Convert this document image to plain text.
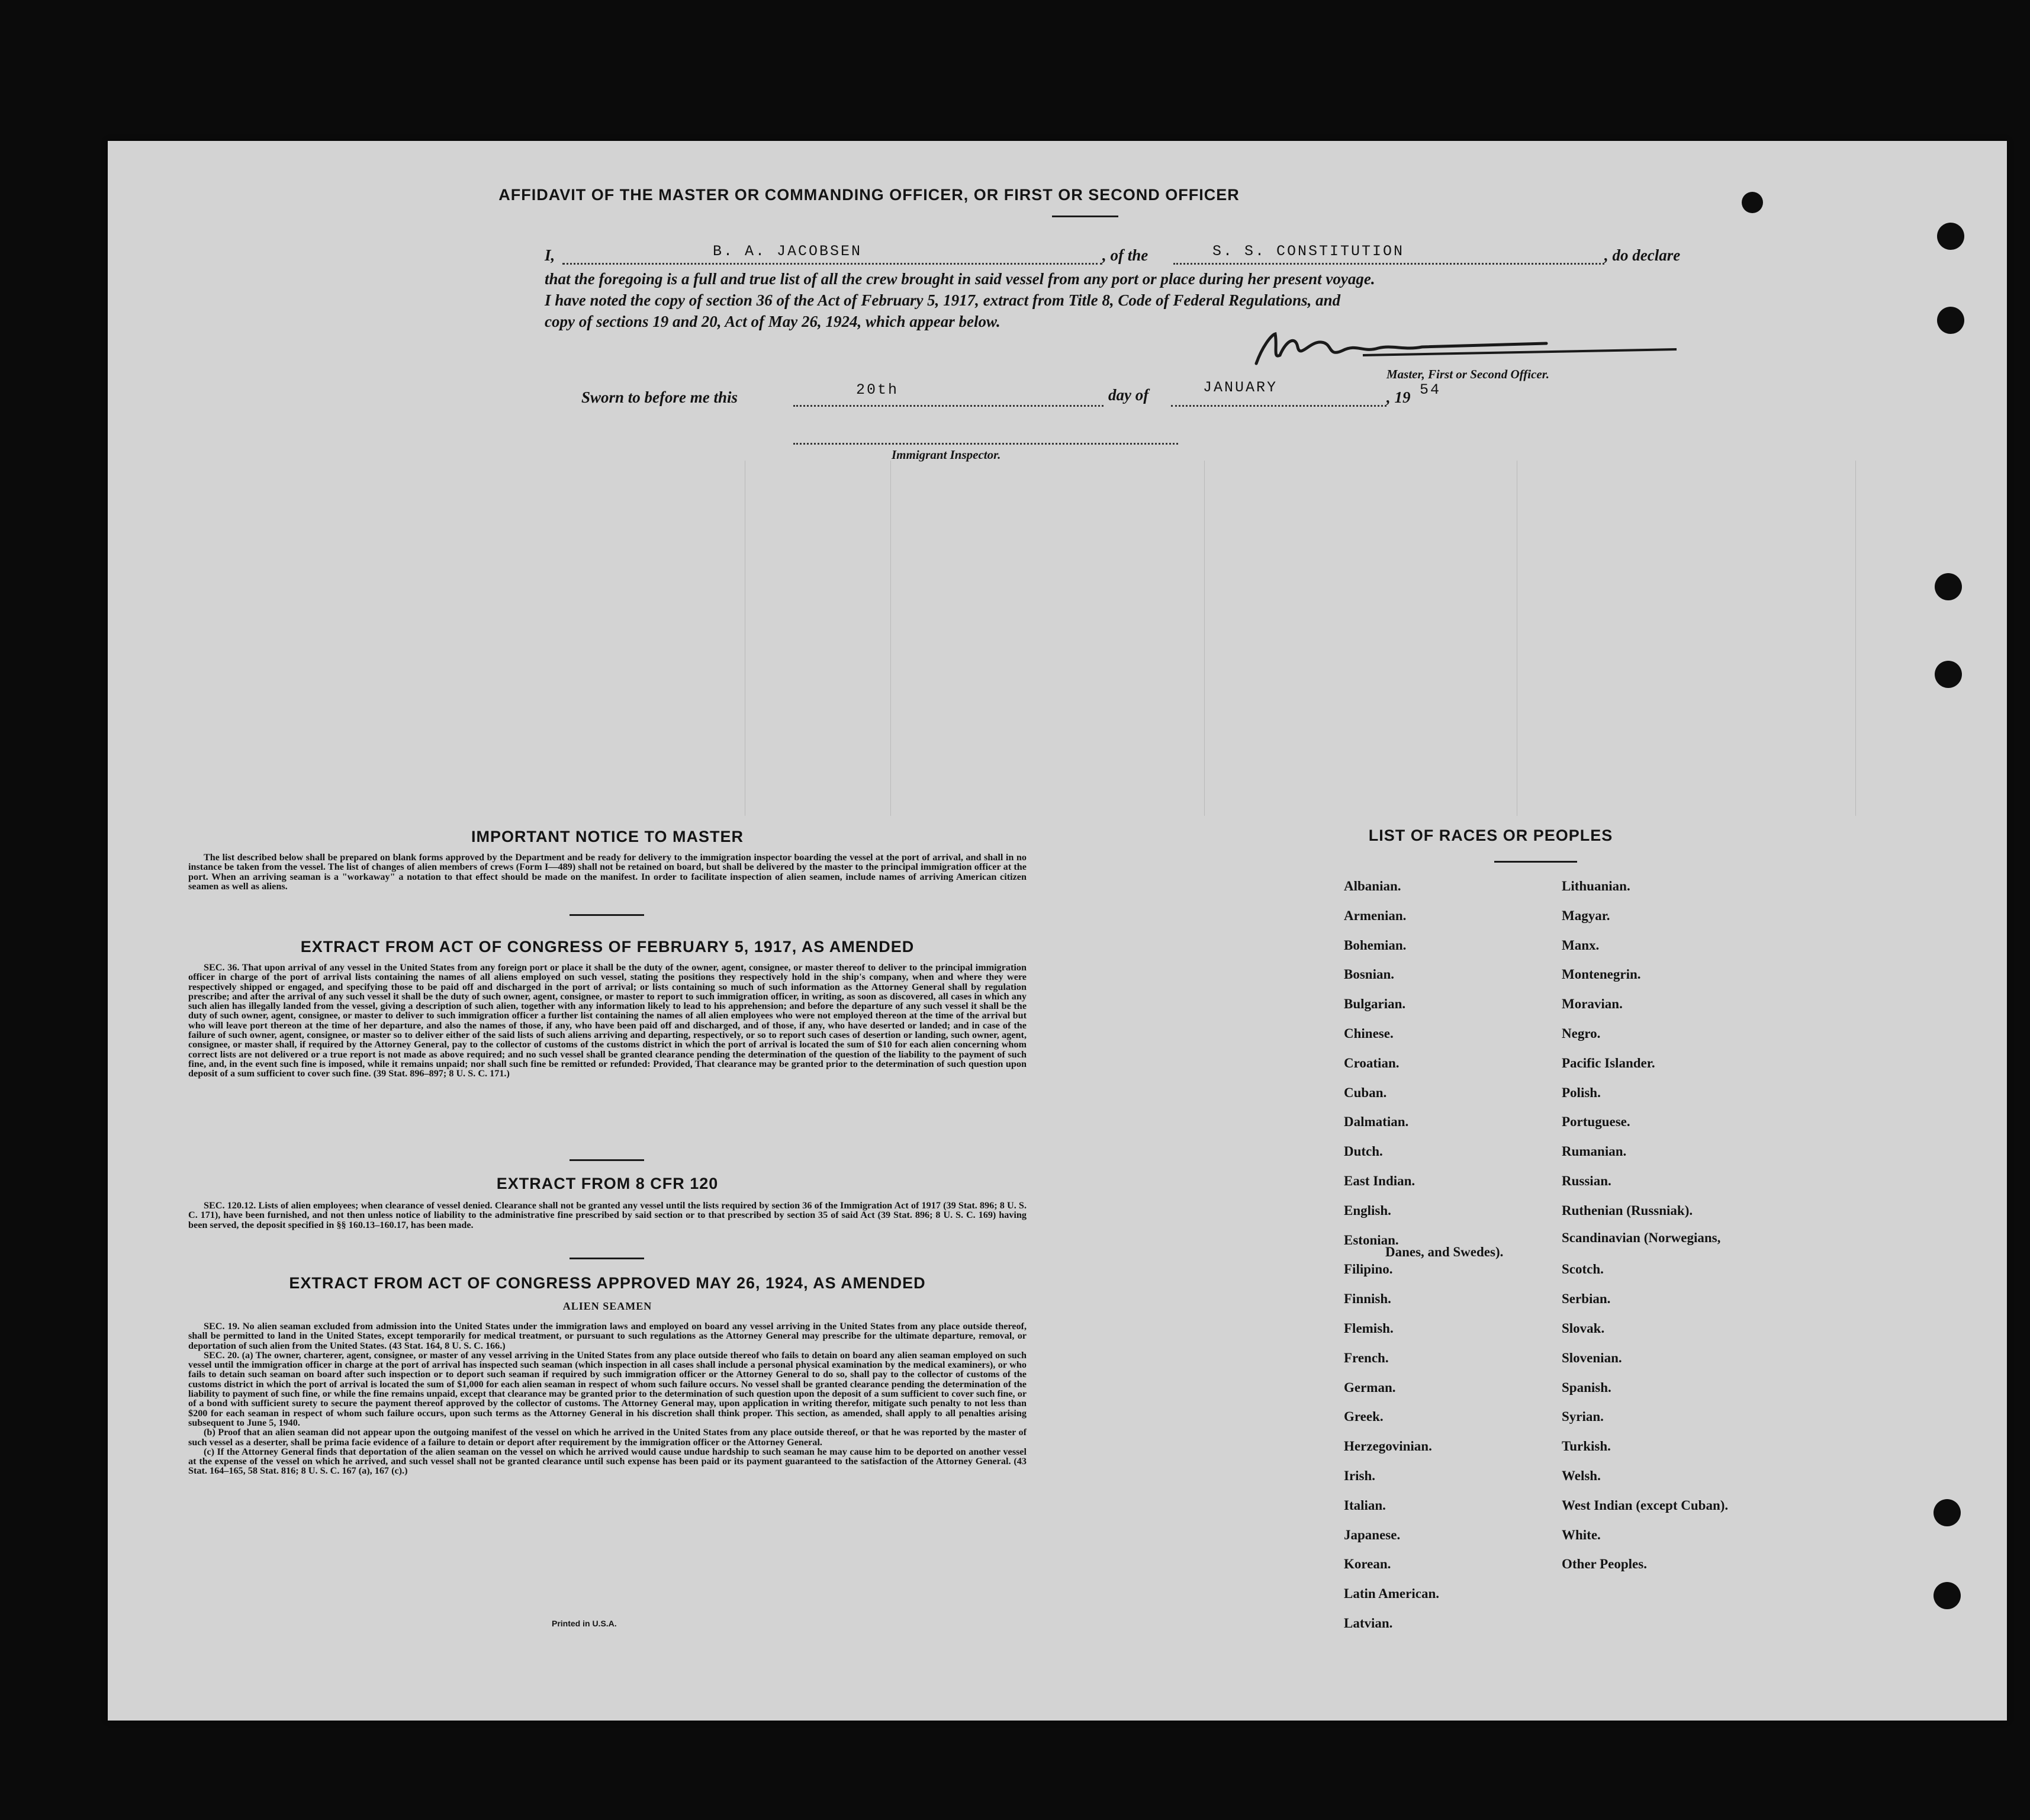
AFFIDAVIT OF THE MASTER OR COMMANDING OFFICER, OR FIRST OR SECOND OFFICER
I,	B. A. JACOBSEN	, of the	S. S. CONSTITUTION	, do declare
that the foregoing is a full and true list of all the crew brought in said vessel from any port or place during her present voyage.
I have noted the copy of section 36 of the Act of February 5, 1917, extract from Title 8, Code of Federal Regulations, and
copy of sections 19 and 20, Act of May 26, 1924, which appear below.
Master, First or Second Officer.
Sworn to before me this	20th	day of	JANUARY
, 19 54
Immigrant Inspector.
IMPORTANT NOTICE TO MASTER

The list described below shall be prepared on blank forms approved by the Department and be ready for delivery to the immigration inspector boarding the vessel at the port of arrival, and shall in no instance be taken from the vessel. The list of changes of alien members of crews (Form I—489) shall not be retained on board, but shall be delivered by the master to the principal immigration officer at the port. When an arriving seaman is a "workaway" a notation to that effect should be made on the manifest. In order to facilitate inspection of alien seamen, include names of arriving American citizen seamen as well as aliens.

EXTRACT FROM ACT OF CONGRESS OF FEBRUARY 5, 1917, AS AMENDED

SEC. 36. That upon arrival of any vessel in the United States from any foreign port or place it shall be the duty of the owner, agent, consignee, or master thereof to deliver to the principal immigration officer in charge of the port of arrival lists containing the names of all aliens employed on such vessel, stating the positions they respectively hold in the ship's company, when and where they were respectively shipped or engaged, and specifying those to be paid off and discharged in the port of arrival; or lists containing so much of such information as the Attorney General shall by regulation prescribe; and after the arrival of any such vessel it shall be the duty of such owner, agent, consignee, or master to report to such immigration officer, in writing, as soon as discovered, all cases in which any such alien has illegally landed from the vessel, giving a description of such alien, together with any information likely to lead to his apprehension; and before the departure of any such vessel it shall be the duty of such owner, agent, consignee, or master to deliver to such immigration officer a further list containing the names of all alien employees who were not employed thereon at the time of the arrival but who will leave port thereon at the time of her departure, and also the names of those, if any, who have been paid off and discharged, and of those, if any, who have deserted or landed; and in case of the failure of such owner, agent, consignee, or master so to deliver either of the said lists of such aliens arriving and departing, respectively, or so to report such cases of desertion or landing, such owner, agent, consignee, or master shall, if required by the Attorney General, pay to the collector of customs of the customs district in which the port of arrival is located the sum of $10 for each alien concerning whom correct lists are not delivered or a true report is not made as above required; and no such vessel shall be granted clearance pending the determination of the question of the liability to the payment of such fine, and, in the event such fine is imposed, while it remains unpaid; nor shall such fine be remitted or refunded: Provided, That clearance may be granted prior to the determination of such question upon deposit of a sum sufficient to cover such fine. (39 Stat. 896–897; 8 U. S. C. 171.)

EXTRACT FROM 8 CFR 120

SEC. 120.12. Lists of alien employees; when clearance of vessel denied. Clearance shall not be granted any vessel until the lists required by section 36 of the Immigration Act of 1917 (39 Stat. 896; 8 U. S. C. 171), have been furnished, and not then unless notice of liability to the administrative fine prescribed by said section or to that prescribed by section 35 of said Act (39 Stat. 896; 8 U. S. C. 169) having been served, the deposit specified in §§ 160.13–160.17, has been made.

EXTRACT FROM ACT OF CONGRESS APPROVED MAY 26, 1924, AS AMENDED
ALIEN SEAMEN

SEC. 19. No alien seaman excluded from admission into the United States under the immigration laws and employed on board any vessel arriving in the United States from any place outside thereof, shall be permitted to land in the United States, except temporarily for medical treatment, or pursuant to such regulations as the Attorney General may prescribe for the ultimate departure, removal, or deportation of such alien from the United States. (43 Stat. 164, 8 U. S. C. 166.)

SEC. 20. (a) The owner, charterer, agent, consignee, or master of any vessel arriving in the United States from any place outside thereof who fails to detain on board any alien seaman employed on such vessel until the immigration officer in charge at the port of arrival has inspected such seaman (which inspection in all cases shall include a personal physical examination by the medical examiners), or who fails to detain such seaman on board after such inspection or to deport such seaman if required by such immigration officer or the Attorney General to do so, shall pay to the collector of customs of the customs district in which the port of arrival is located the sum of $1,000 for each alien seaman in respect of whom such failure occurs. No vessel shall be granted clearance pending the determination of the liability to payment of such fine, or while the fine remains unpaid, except that clearance may be granted prior to the determination of such question upon the deposit of a sum sufficient to cover such fine, or of a bond with sufficient surety to secure the payment thereof approved by the collector of customs. The Attorney General may, upon application in writing therefor, mitigate such penalty to not less than $200 for each seaman in respect of whom such failure occurs, upon such terms as the Attorney General in his discretion shall think proper. This section, as amended, shall apply to all penalties arising subsequent to June 5, 1940.

(b) Proof that an alien seaman did not appear upon the outgoing manifest of the vessel on which he arrived in the United States from any place outside thereof, or that he was reported by the master of such vessel as a deserter, shall be prima facie evidence of a failure to detain or deport after requirement by the immigration officer or the Attorney General.

(c) If the Attorney General finds that deportation of the alien seaman on the vessel on which he arrived would cause undue hardship to such seaman he may cause him to be deported on another vessel at the expense of the vessel on which he arrived, and such vessel shall not be granted clearance until such expense has been paid or its payment guaranteed to the satisfaction of the Attorney General. (43 Stat. 164–165, 58 Stat. 816; 8 U. S. C. 167 (a), 167 (c).)

Printed in U.S.A.
LIST OF RACES OR PEOPLES
Albanian.
Armenian.
Bohemian.
Bosnian.
Bulgarian.
Chinese.
Croatian.
Cuban.
Dalmatian.
Dutch.
East Indian.
English.
Estonian.
Filipino.
Finnish.
Flemish.
French.
German.
Greek.
Herzegovinian.
Irish.
Italian.
Japanese.
Korean.
Latin American.
Latvian.
Lithuanian.
Magyar.
Manx.
Montenegrin.
Moravian.
Negro.
Pacific Islander.
Polish.
Portuguese.
Rumanian.
Russian.
Ruthenian (Russniak).
Scandinavian (Norwegians,
Danes, and Swedes).
Scotch.
Serbian.
Slovak.
Slovenian.
Spanish.
Syrian.
Turkish.
Welsh.
West Indian (except Cuban).
White.
Other Peoples.
